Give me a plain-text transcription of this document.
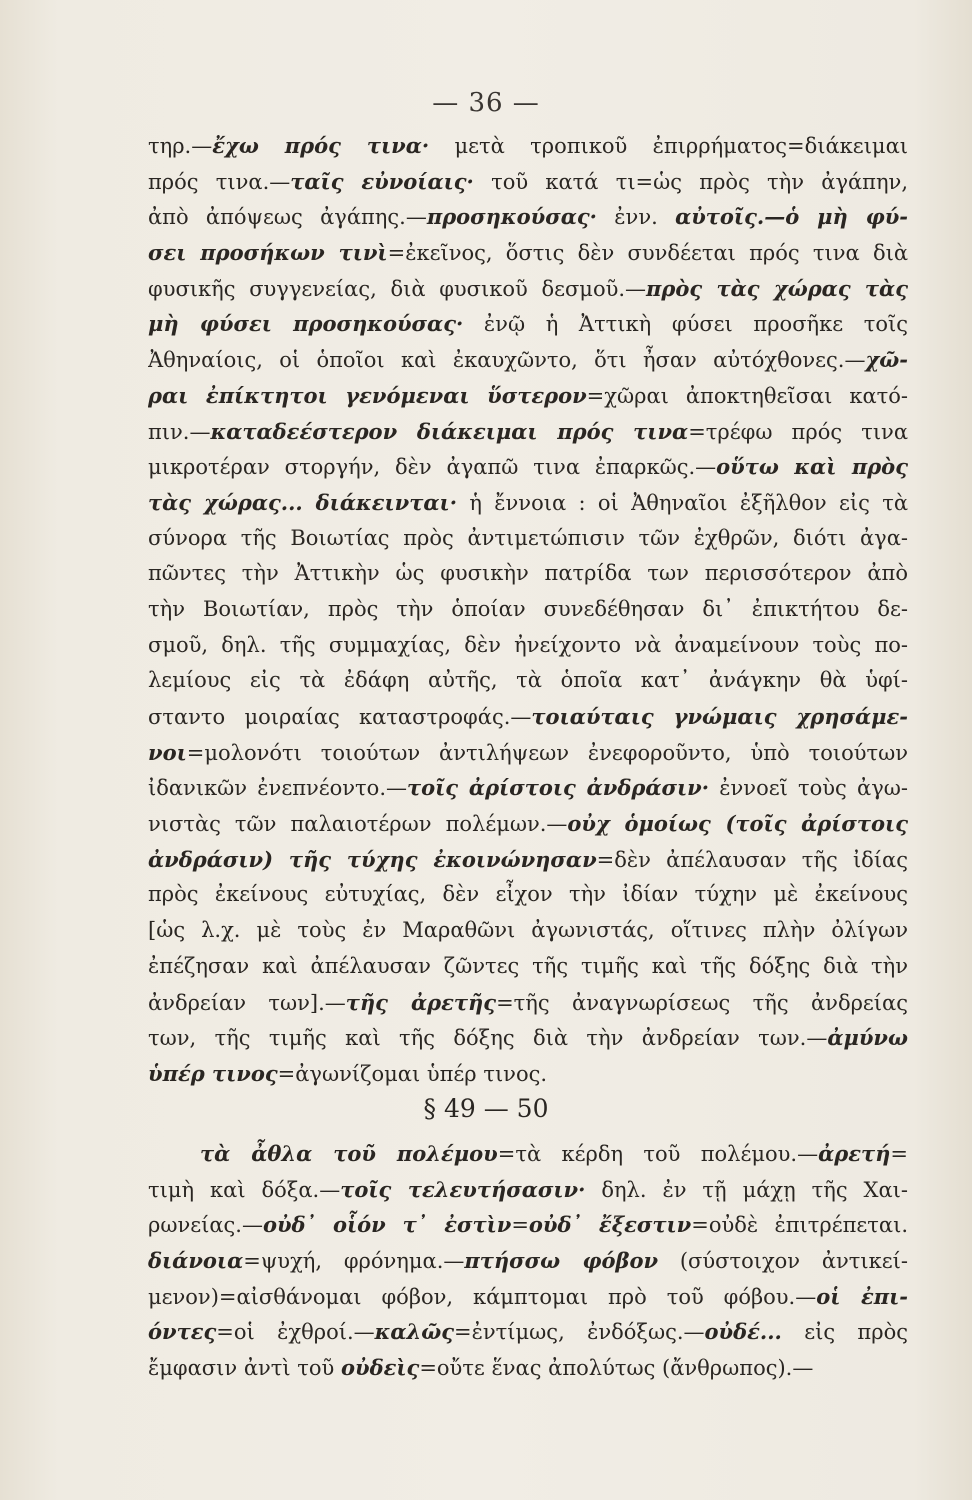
— 36 —
τηρ.—ἔχω πρός τινα· μετὰ τροπικοῦ ἐπιρρήματος=διάκειμαι
πρός τινα.—ταῖς εὐνοίαις· τοῦ κατά τι=ὡς πρὸς τὴν ἀγάπην,
ἀπὸ ἀπόψεως ἀγάπης.—προσηκούσας· ἐνν. αὐτοῖς.—ὁ μὴ φύ-
σει προσήκων τινὶ=ἐκεῖνος, ὅστις δὲν συνδέεται πρός τινα διὰ
φυσικῆς συγγενείας, διὰ φυσικοῦ δεσμοῦ.—πρὸς τὰς χώρας τὰς
μὴ φύσει προσηκούσας· ἐνῷ ἡ Ἀττικὴ φύσει προσῆκε τοῖς
Ἀθηναίοις, οἱ ὁποῖοι καὶ ἐκαυχῶντο, ὅτι ἦσαν αὐτόχθονες.—χῶ-
ραι ἐπίκτητοι γενόμεναι ὕστερον=χῶραι ἀποκτηθεῖσαι κατό-
πιν.—καταδεέστερον διάκειμαι πρός τινα=τρέφω πρός τινα
μικροτέραν στοργήν, δὲν ἀγαπῶ τινα ἐπαρκῶς.—οὕτω καὶ πρὸς
τὰς χώρας... διάκεινται· ἡ ἔννοια : οἱ Ἀθηναῖοι ἐξῆλθον εἰς τὰ
σύνορα τῆς Βοιωτίας πρὸς ἀντιμετώπισιν τῶν ἐχθρῶν, διότι ἀγα-
πῶντες τὴν Ἀττικὴν ὡς φυσικὴν πατρίδα των περισσότερον ἀπὸ
τὴν Βοιωτίαν, πρὸς τὴν ὁποίαν συνεδέθησαν δι᾽ ἐπικτήτου δε-
σμοῦ, δηλ. τῆς συμμαχίας, δὲν ἠνείχοντο νὰ ἀναμείνουν τοὺς πο-
λεμίους εἰς τὰ ἐδάφη αὐτῆς, τὰ ὁποῖα κατ᾽ ἀνάγκην θὰ ὑφί-
σταντο μοιραίας καταστροφάς.—τοιαύταις γνώμαις χρησάμε-
νοι=μολονότι τοιούτων ἀντιλήψεων ἐνεφοροῦντο, ὑπὸ τοιούτων
ἰδανικῶν ἐνεπνέοντο.—τοῖς ἀρίστοις ἀνδράσιν· ἐννοεῖ τοὺς ἀγω-
νιστὰς τῶν παλαιοτέρων πολέμων.—οὐχ ὁμοίως (τοῖς ἀρίστοις
ἀνδράσιν) τῆς τύχης ἐκοινώνησαν=δὲν ἀπέλαυσαν τῆς ἰδίας
πρὸς ἐκείνους εὐτυχίας, δὲν εἶχον τὴν ἰδίαν τύχην μὲ ἐκείνους
[ὡς λ.χ. μὲ τοὺς ἐν Μαραθῶνι ἀγωνιστάς, οἵτινες πλὴν ὀλίγων
ἐπέζησαν καὶ ἀπέλαυσαν ζῶντες τῆς τιμῆς καὶ τῆς δόξης διὰ τὴν
ἀνδρείαν των].—τῆς ἀρετῆς=τῆς ἀναγνωρίσεως τῆς ἀνδρείας
των, τῆς τιμῆς καὶ τῆς δόξης διὰ τὴν ἀνδρείαν των.—ἀμύνω
ὑπέρ τινος=ἀγωνίζομαι ὑπέρ τινος.
§ 49 — 50
τὰ ἆθλα τοῦ πολέμου=τὰ κέρδη τοῦ πολέμου.—ἀρετή=
τιμὴ καὶ δόξα.—τοῖς τελευτήσασιν· δηλ. ἐν τῇ μάχῃ τῆς Χαι-
ρωνείας.—οὐδ᾽ οἷόν τ᾽ ἐστὶν=οὐδ᾽ ἔξεστιν=οὐδὲ ἐπιτρέπεται.
διάνοια=ψυχή, φρόνημα.—πτήσσω φόβον (σύστοιχον ἀντικεί-
μενον)=αἰσθάνομαι φόβον, κάμπτομαι πρὸ τοῦ φόβου.—οἱ ἐπι-
όντες=οἱ ἐχθροί.—καλῶς=ἐντίμως, ἐνδόξως.—οὐδέ... εἰς πρὸς
ἔμφασιν ἀντὶ τοῦ οὐδεὶς=οὔτε ἕνας ἀπολύτως (ἄνθρωπος).—
